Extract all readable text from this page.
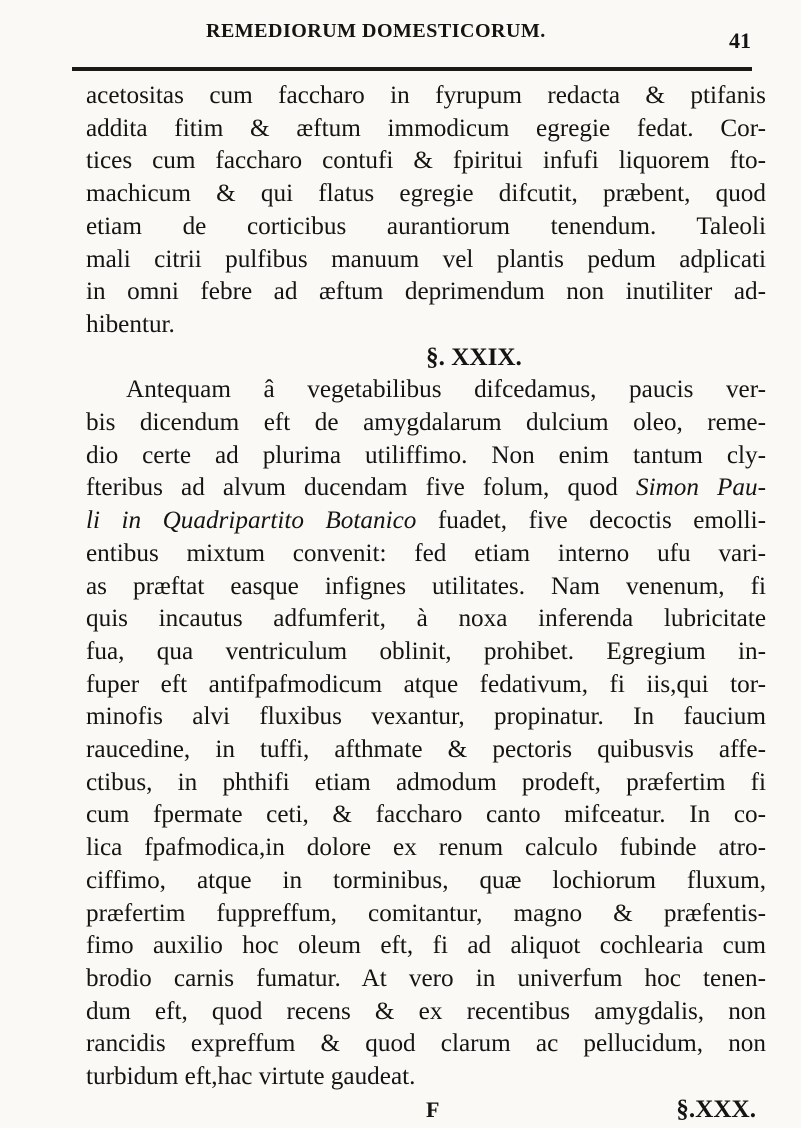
REMEDIORUM DOMESTICORUM.	41
acetositas cum faccharo in fyrupum redacta & ptifanis
addita fitim & æftum immodicum egregie fedat. Cor-
tices cum faccharo contufi & fpiritui infufi liquorem fto-
machicum & qui flatus egregie difcutit, præbent, quod
etiam de corticibus aurantiorum tenendum. Taleoli
mali citrii pulfibus manuum vel plantis pedum adplicati
in omni febre ad æftum deprimendum non inutiliter ad-
hibentur.
§. XXIX.
Antequam â vegetabilibus difcedamus, paucis ver-
bis dicendum eft de amygdalarum dulcium oleo, reme-
dio certe ad plurima utiliffimo. Non enim tantum cly-
fteribus ad alvum ducendam five folum, quod Simon Pau-
li in Quadripartito Botanico fuadet, five decoctis emolli-
entibus mixtum convenit: fed etiam interno ufu vari-
as præftat easque infignes utilitates. Nam venenum, fi
quis incautus adfumferit, à noxa inferenda lubricitate
fua, qua ventriculum oblinit, prohibet. Egregium in-
fuper eft antifpafmodicum atque fedativum, fi iis,qui tor-
minofis alvi fluxibus vexantur, propinatur. In faucium
raucedine, in tuffi, afthmate & pectoris quibusvis affe-
ctibus, in phthifi etiam admodum prodeft, præfertim fi
cum fpermate ceti, & faccharo canto mifceatur. In co-
lica fpafmodica,in dolore ex renum calculo fubinde atro-
ciffimo, atque in torminibus, quæ lochiorum fluxum,
præfertim fuppreffum, comitantur, magno & præfentis-
fimo auxilio hoc oleum eft, fi ad aliquot cochlearia cum
brodio carnis fumatur. At vero in univerfum hoc tenen-
dum eft, quod recens & ex recentibus amygdalis, non
rancidis expreffum & quod clarum ac pellucidum, non
turbidum eft,hac virtute gaudeat.
F	§.XXX.
